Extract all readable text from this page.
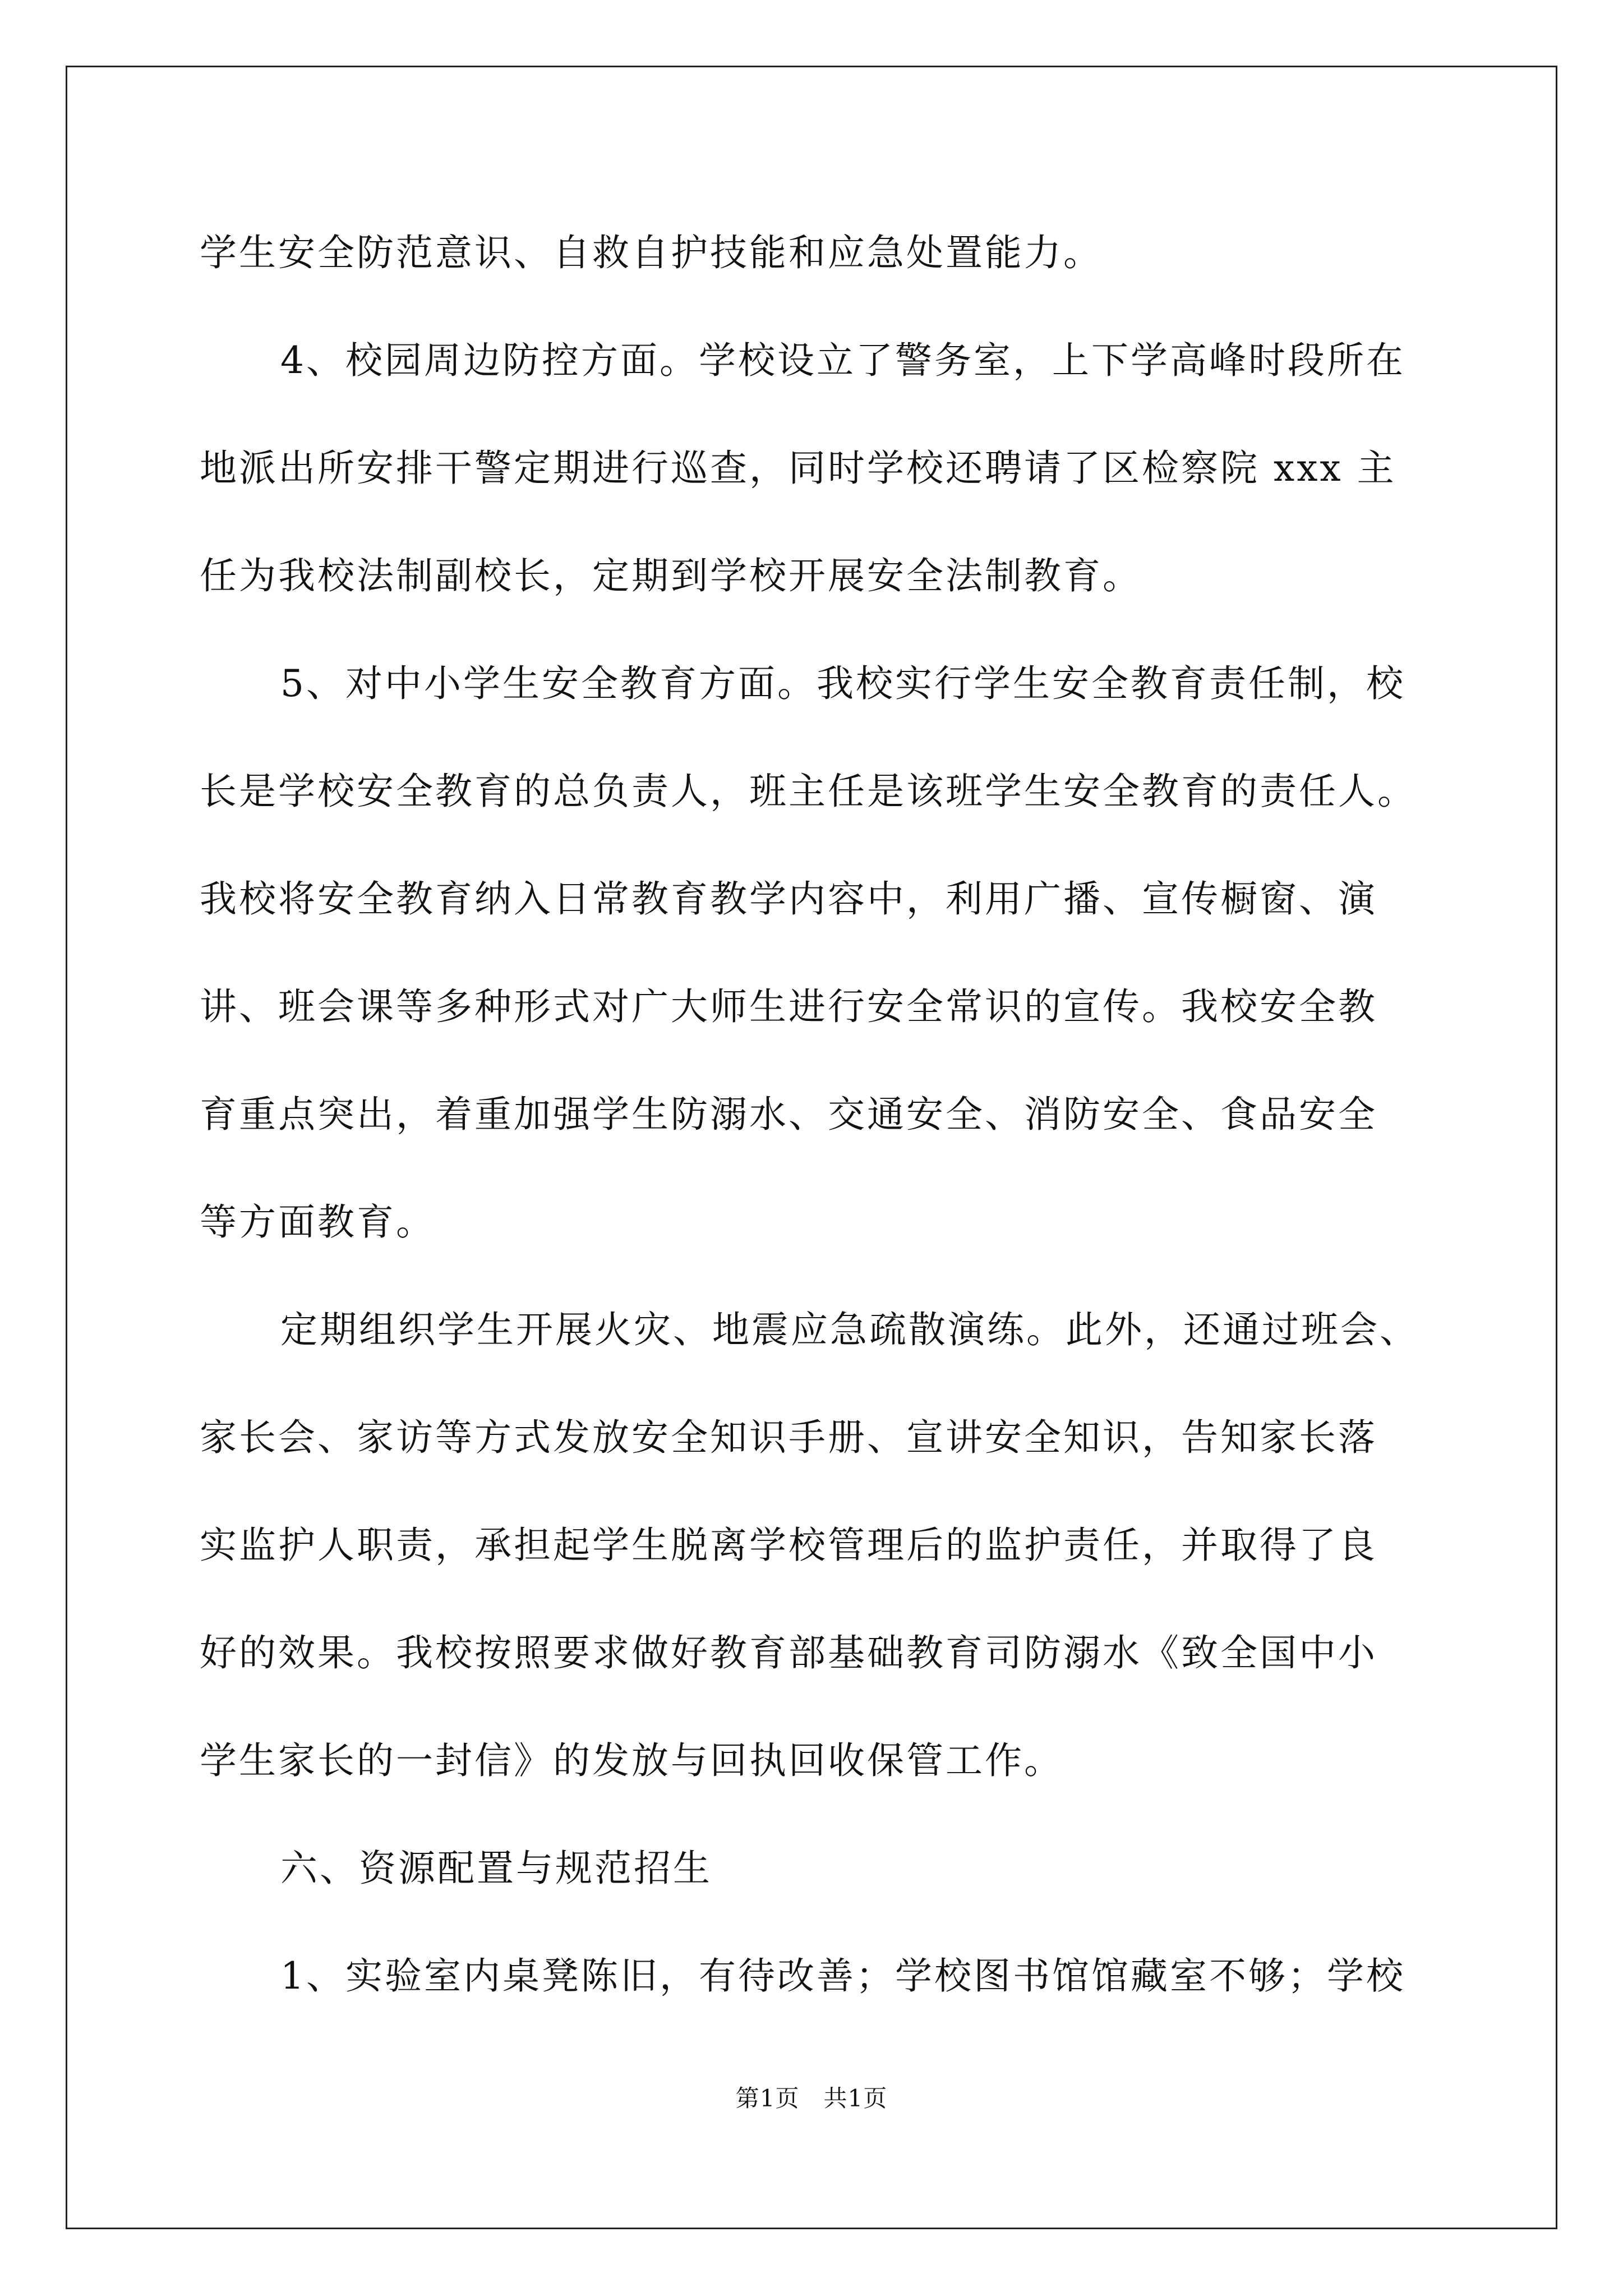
学生安全防范意识、自救自护技能和应急处置能力。
4、校园周边防控方面。学校设立了警务室，上下学高峰时段所在
地派出所安排干警定期进行巡查，同时学校还聘请了区检察院 xxx 主
任为我校法制副校长，定期到学校开展安全法制教育。
5、对中小学生安全教育方面。我校实行学生安全教育责任制，校
长是学校安全教育的总负责人，班主任是该班学生安全教育的责任人。
我校将安全教育纳入日常教育教学内容中，利用广播、宣传橱窗、演
讲、班会课等多种形式对广大师生进行安全常识的宣传。我校安全教
育重点突出，着重加强学生防溺水、交通安全、消防安全、食品安全
等方面教育。
定期组织学生开展火灾、地震应急疏散演练。此外，还通过班会、
家长会、家访等方式发放安全知识手册、宣讲安全知识，告知家长落
实监护人职责，承担起学生脱离学校管理后的监护责任，并取得了良
好的效果。我校按照要求做好教育部基础教育司防溺水《致全国中小
学生家长的一封信》的发放与回执回收保管工作。
六、资源配置与规范招生
1、实验室内桌凳陈旧，有待改善；学校图书馆馆藏室不够；学校
第1页　共1页
